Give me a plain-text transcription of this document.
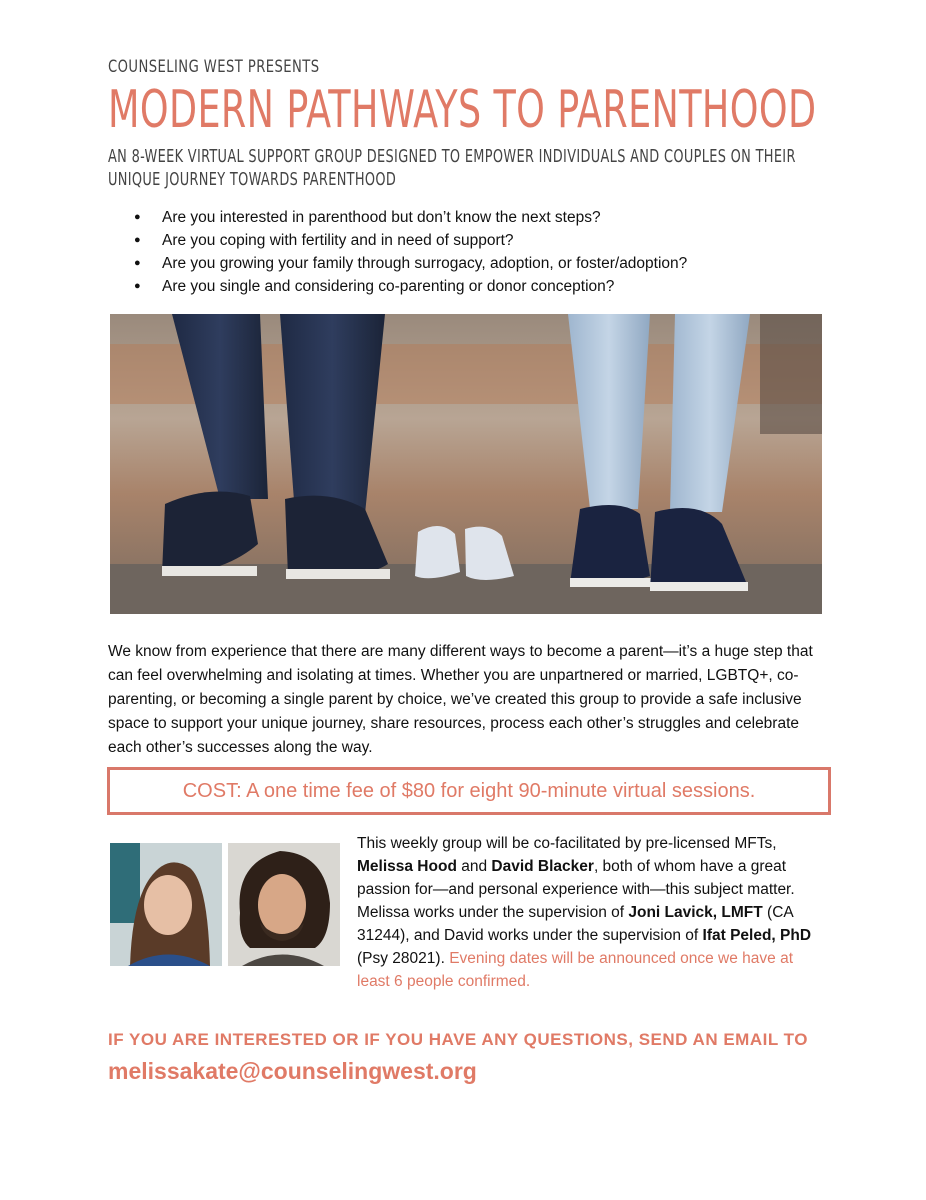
COUNSELING WEST PRESENTS
MODERN PATHWAYS TO PARENTHOOD
AN 8-WEEK VIRTUAL SUPPORT GROUP DESIGNED TO EMPOWER INDIVIDUALS AND COUPLES ON THEIR UNIQUE JOURNEY TOWARDS PARENTHOOD
● Are you interested in parenthood but don’t know the next steps?
● Are you coping with fertility and in need of support?
● Are you growing your family through surrogacy, adoption, or foster/adoption?
● Are you single and considering co-parenting or donor conception?
We know from experience that there are many different ways to become a parent—it’s a huge step that can feel overwhelming and isolating at times. Whether you are unpartnered or married, LGBTQ+, co-parenting, or becoming a single parent by choice, we’ve created this group to provide a safe inclusive space to support your unique journey, share resources, process each other’s struggles and celebrate each other’s successes along the way.
COST: A one time fee of $80 for eight 90-minute virtual sessions.
This weekly group will be co-facilitated by pre-licensed MFTs, Melissa Hood and David Blacker, both of whom have a great passion for—and personal experience with—this subject matter. Melissa works under the supervision of Joni Lavick, LMFT (CA 31244), and David works under the supervision of Ifat Peled, PhD (Psy 28021). Evening dates will be announced once we have at least 6 people confirmed.
IF YOU ARE INTERESTED OR IF YOU HAVE ANY QUESTIONS, SEND AN EMAIL TO
melissakate@counselingwest.org
